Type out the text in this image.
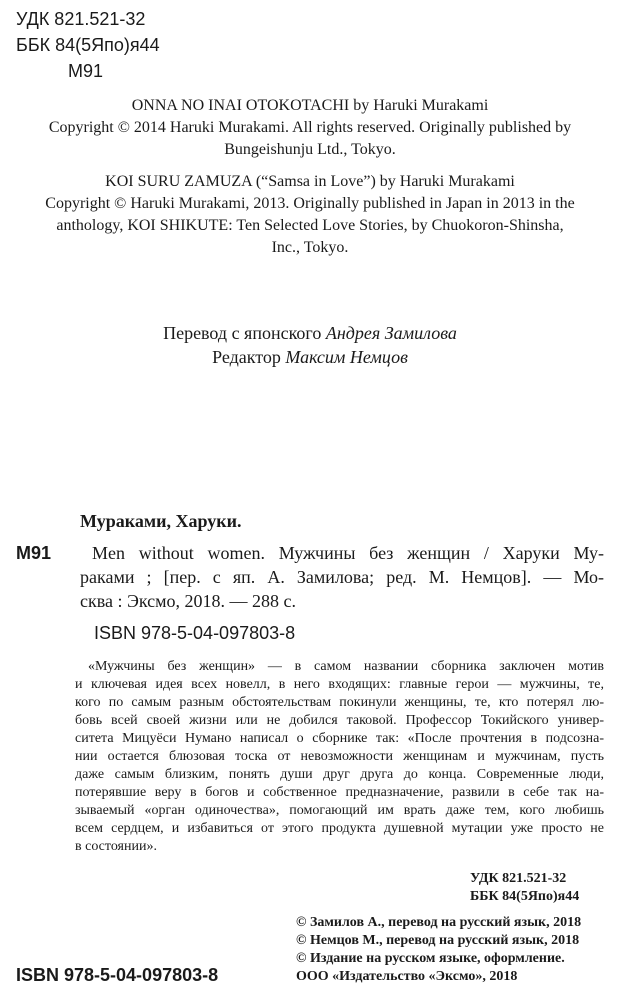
УДК 821.521-32
ББК 84(5Япо)я44
М91
ONNA NO INAI OTOKOTACHI by Haruki Murakami
Copyright © 2014 Haruki Murakami. All rights reserved. Originally published by
Bungeishunju Ltd., Tokyo.
KOI SURU ZAMUZA (“Samsa in Love”) by Haruki Murakami
Copyright © Haruki Murakami, 2013. Originally published in Japan in 2013 in the
anthology, KOI SHIKUTE: Ten Selected Love Stories, by Chuokoron-Shinsha,
Inc., Tokyo.
Перевод с японского Андрея Замилова
Редактор Максим Немцов
Мураками, Харуки.
М91 Men without women. Мужчины без женщин / Харуки Му-
раками ; [пер. с яп. А. Замилова; ред. М. Немцов]. — Мо-
сква : Эксмо, 2018. — 288 с.
ISBN 978-5-04-097803-8
«Мужчины без женщин» — в самом названии сборника заключен мотив
и ключевая идея всех новелл, в него входящих: главные герои — мужчины, те,
кого по самым разным обстоятельствам покинули женщины, те, кто потерял лю-
бовь всей своей жизни или не добился таковой. Профессор Токийского универ-
ситета Мицуёси Нумано написал о сборнике так: «После прочтения в подсозна-
нии остается блюзовая тоска от невозможности женщинам и мужчинам, пусть
даже самым близким, понять души друг друга до конца. Современные люди,
потерявшие веру в богов и собственное предназначение, развили в себе так на-
зываемый «орган одиночества», помогающий им врать даже тем, кого любишь
всем сердцем, и избавиться от этого продукта душевной мутации уже просто не
в состоянии».
УДК 821.521-32
ББК 84(5Япо)я44
© Замилов А., перевод на русский язык, 2018
© Немцов М., перевод на русский язык, 2018
© Издание на русском языке, оформление.
ООО «Издательство «Эксмо», 2018
ISBN 978-5-04-097803-8
